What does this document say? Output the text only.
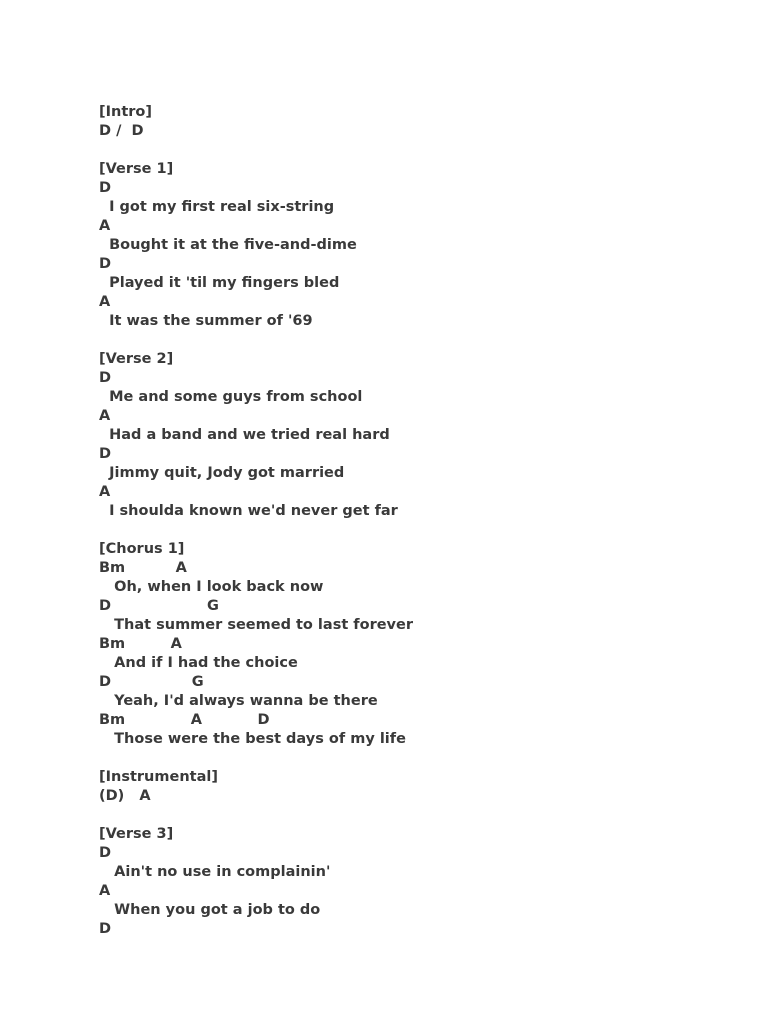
[Intro]
D /  D
[Verse 1]
D
I got my first real six-string
A
Bought it at the five-and-dime
D
Played it 'til my fingers bled
A
It was the summer of '69
[Verse 2]
D
Me and some guys from school
A
Had a band and we tried real hard
D
Jimmy quit, Jody got married
A
I shoulda known we'd never get far
[Chorus 1]
Bm          A
Oh, when I look back now
D                   G
That summer seemed to last forever
Bm         A
And if I had the choice
D                G
Yeah, I'd always wanna be there
Bm             A           D
Those were the best days of my life
[Instrumental]
(D)   A
[Verse 3]
D
Ain't no use in complainin'
A
When you got a job to do
D
